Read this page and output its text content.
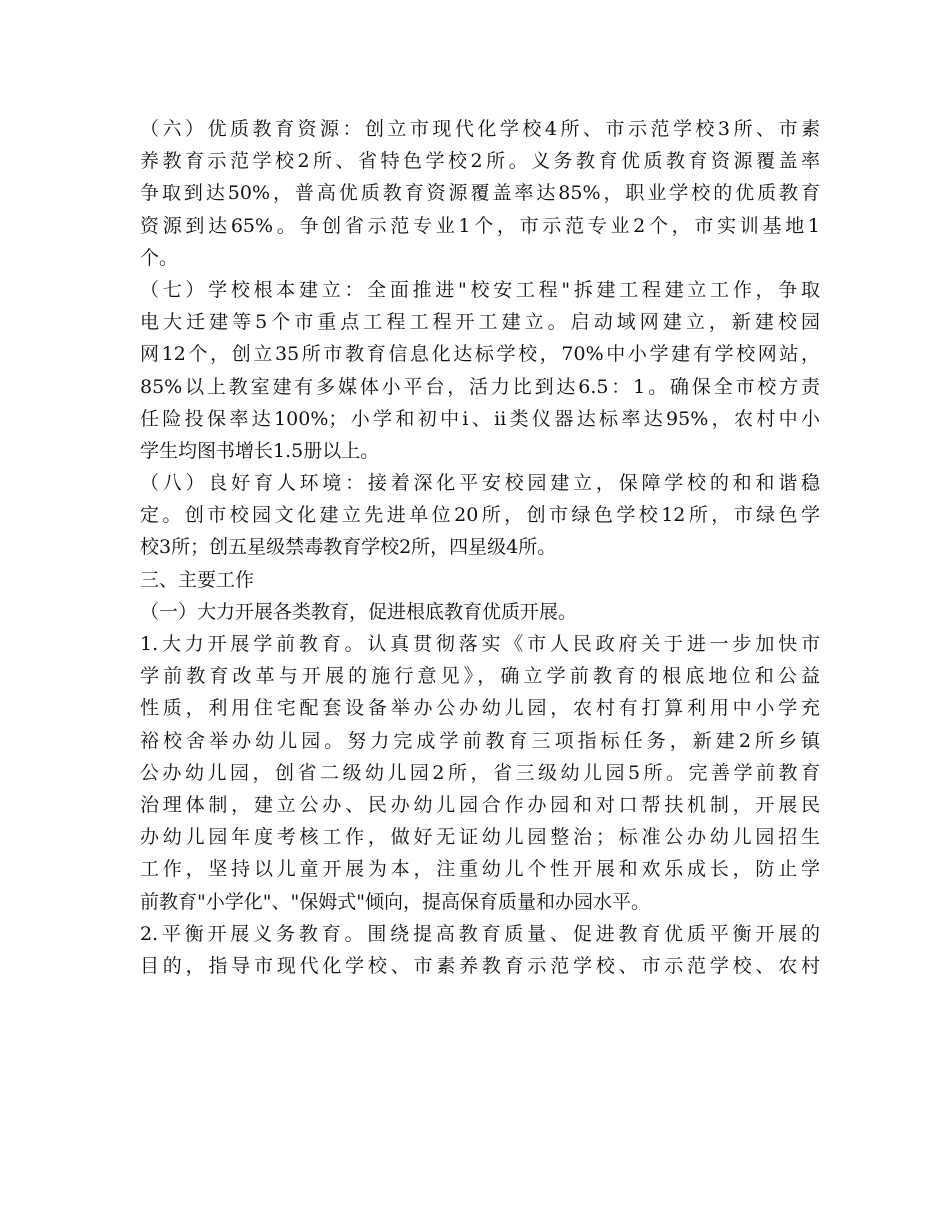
（六）优质教育资源：创立市现代化学校4所、市示范学校3所、市素
养教育示范学校2所、省特色学校2所。义务教育优质教育资源覆盖率
争取到达50%，普高优质教育资源覆盖率达85%，职业学校的优质教育
资源到达65%。争创省示范专业1个，市示范专业2个，市实训基地1
个。
（七）学校根本建立：全面推进"校安工程"拆建工程建立工作，争取
电大迁建等5个市重点工程工程开工建立。启动域网建立，新建校园
网12个，创立35所市教育信息化达标学校，70%中小学建有学校网站，
85%以上教室建有多媒体小平台，活力比到达6.5：1。确保全市校方责
任险投保率达100%；小学和初中ⅰ、ⅱ类仪器达标率达95%，农村中小
学生均图书增长1.5册以上。
（八）良好育人环境：接着深化平安校园建立，保障学校的和和谐稳
定。创市校园文化建立先进单位20所，创市绿色学校12所，市绿色学
校3所；创五星级禁毒教育学校2所，四星级4所。
三、主要工作
（一）大力开展各类教育，促进根底教育优质开展。
1.大力开展学前教育。认真贯彻落实《市人民政府关于进一步加快市
学前教育改革与开展的施行意见》，确立学前教育的根底地位和公益
性质，利用住宅配套设备举办公办幼儿园，农村有打算利用中小学充
裕校舍举办幼儿园。努力完成学前教育三项指标任务，新建2所乡镇
公办幼儿园，创省二级幼儿园2所，省三级幼儿园5所。完善学前教育
治理体制，建立公办、民办幼儿园合作办园和对口帮扶机制，开展民
办幼儿园年度考核工作，做好无证幼儿园整治；标准公办幼儿园招生
工作，坚持以儿童开展为本，注重幼儿个性开展和欢乐成长，防止学
前教育"小学化"、"保姆式"倾向，提高保育质量和办园水平。
2.平衡开展义务教育。围绕提高教育质量、促进教育优质平衡开展的
目的，指导市现代化学校、市素养教育示范学校、市示范学校、农村
